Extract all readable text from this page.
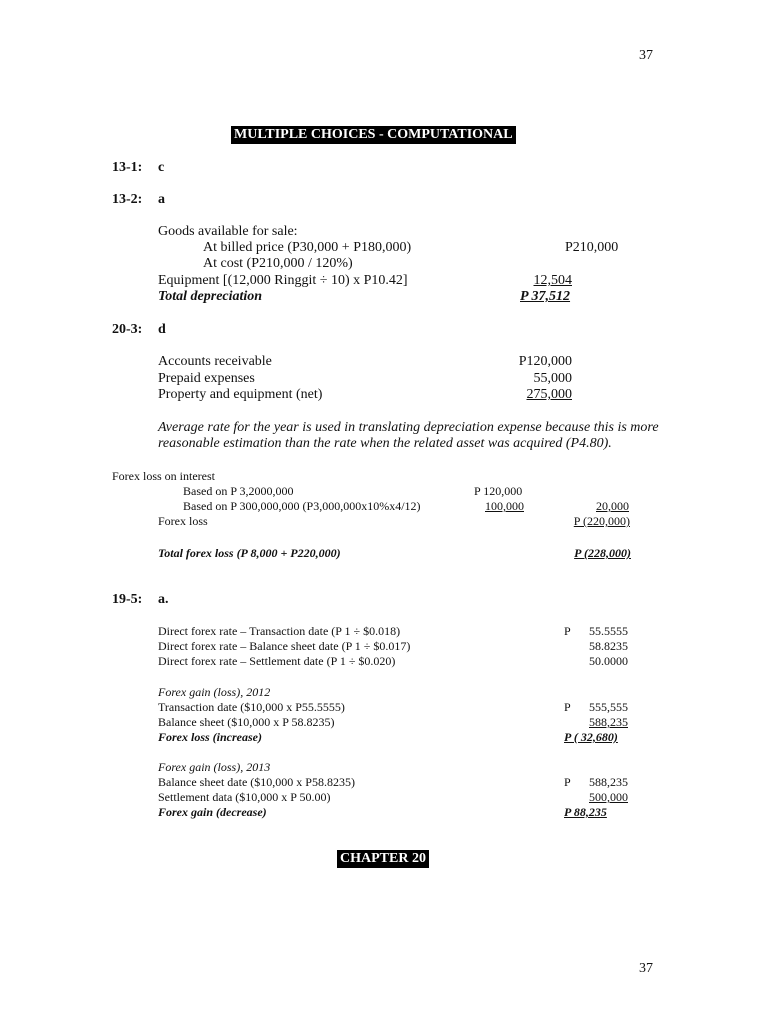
37
MULTIPLE CHOICES - COMPUTATIONAL
13-1: c
13-2: a
Goods available for sale:
At billed price (P30,000 + P180,000)	P210,000
At cost (P210,000 / 120%)
Equipment [(12,000 Ringgit ÷ 10) x P10.42]	12,504
Total depreciation	P 37,512
20-3: d
Accounts receivable	P120,000
Prepaid expenses	55,000
Property and equipment (net)	275,000
Average rate for the year is used in translating depreciation expense because this is more
reasonable estimation than the rate when the related asset was acquired (P4.80).
Forex loss on interest
Based on P 3,2000,000	P 120,000
Based on P 300,000,000 (P3,000,000x10%x4/12)	100,000	20,000
Forex loss	P (220,000)
Total forex loss (P 8,000 + P220,000)	P (228,000)
19-5: a.
Direct forex rate – Transaction date (P 1 ÷ $0.018)	P	55.5555
Direct forex rate – Balance sheet date (P 1 ÷ $0.017)	58.8235
Direct forex rate – Settlement date (P 1 ÷ $0.020)	50.0000
Forex gain (loss), 2012
Transaction date ($10,000 x P55.5555)	P	555,555
Balance sheet ($10,000 x P 58.8235)	588,235
Forex loss (increase)	P ( 32,680)
Forex gain (loss), 2013
Balance sheet date ($10,000 x P58.8235)	P	588,235
Settlement data ($10,000 x P 50.00)	500,000
Forex gain (decrease)	P 88,235
CHAPTER 20
37
